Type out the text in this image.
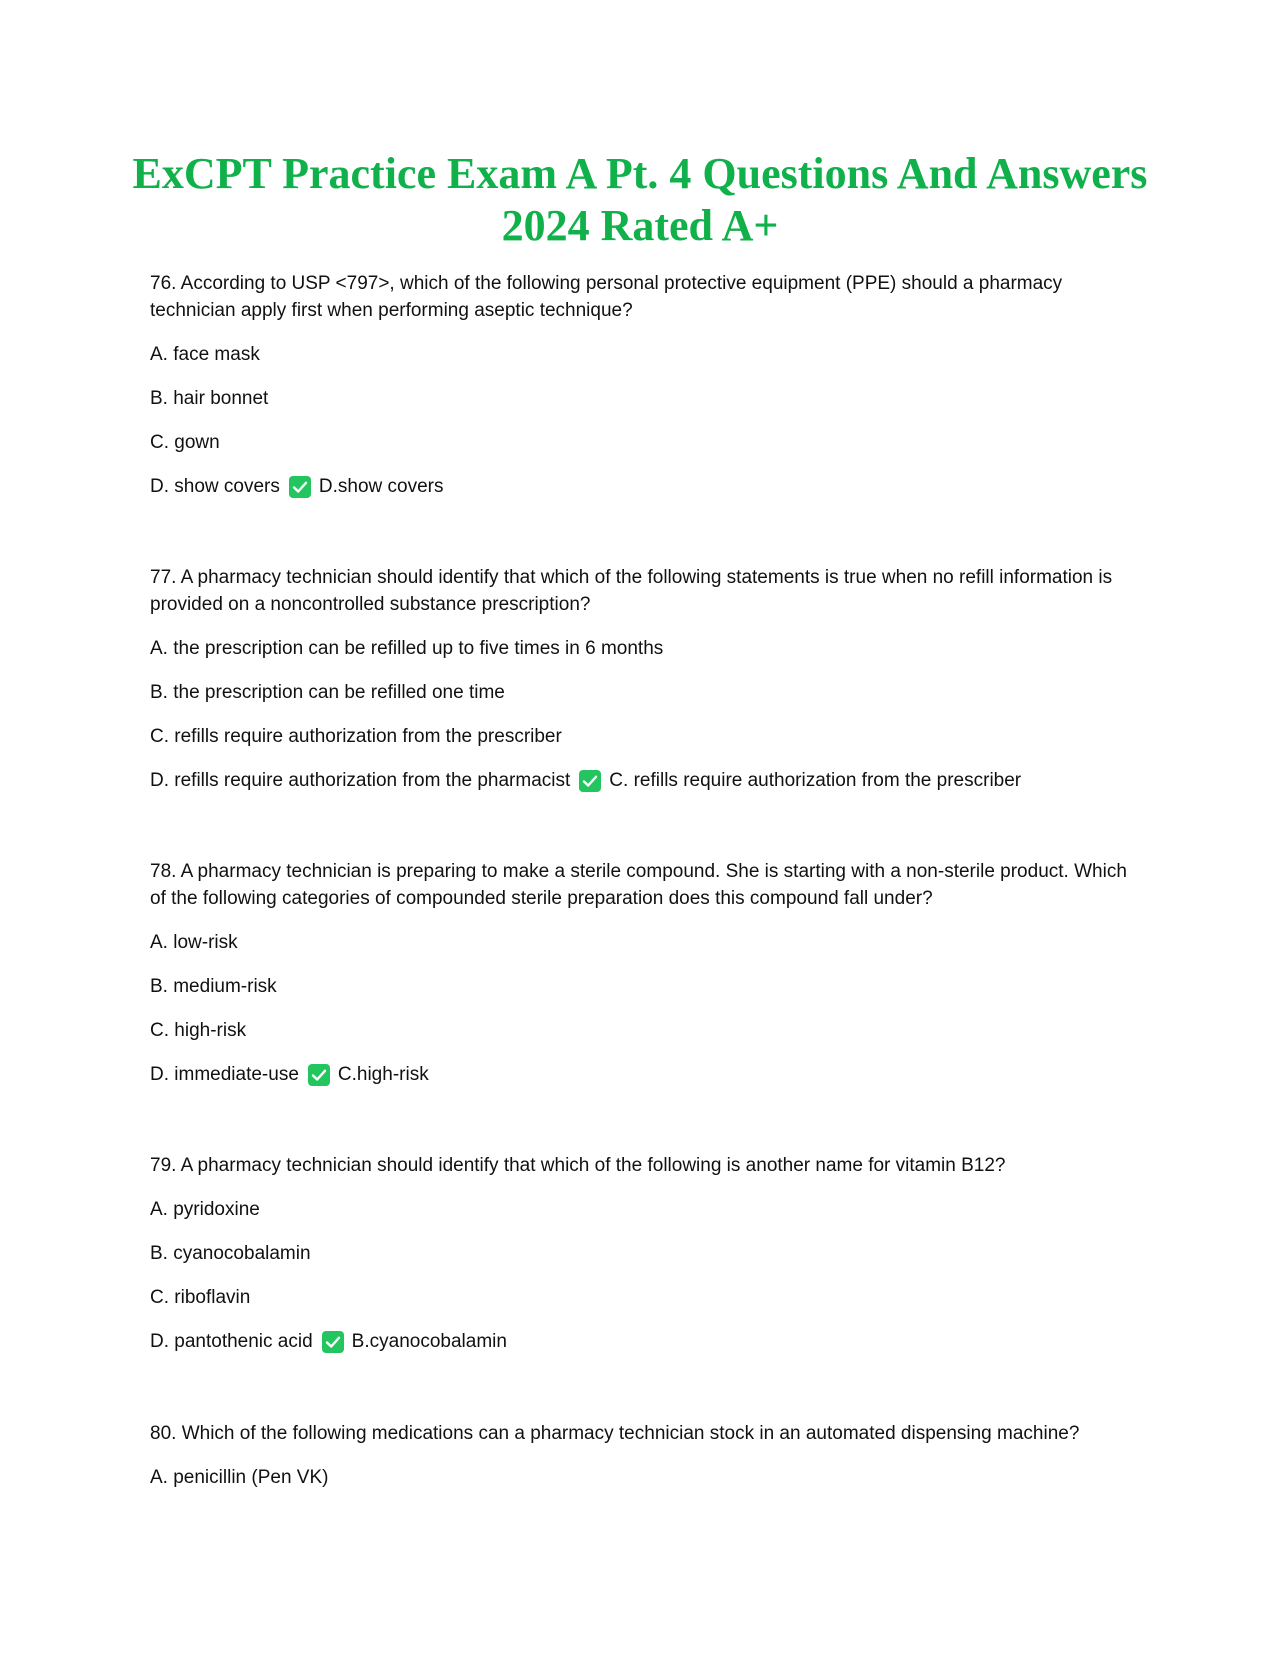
ExCPT Practice Exam A Pt. 4 Questions And Answers
2024 Rated A+

76. According to USP <797>, which of the following personal protective equipment (PPE) should a pharmacy technician apply first when performing aseptic technique?

A. face mask

B. hair bonnet

C. gown

D. show covers D.show covers

77. A pharmacy technician should identify that which of the following statements is true when no refill information is provided on a noncontrolled substance prescription?

A. the prescription can be refilled up to five times in 6 months

B. the prescription can be refilled one time

C. refills require authorization from the prescriber

D. refills require authorization from the pharmacist C. refills require authorization from the prescriber

78. A pharmacy technician is preparing to make a sterile compound. She is starting with a non-sterile product. Which of the following categories of compounded sterile preparation does this compound fall under?

A. low-risk

B. medium-risk

C. high-risk

D. immediate-use C.high-risk

79. A pharmacy technician should identify that which of the following is another name for vitamin B12?

A. pyridoxine

B. cyanocobalamin

C. riboflavin

D. pantothenic acid B.cyanocobalamin

80. Which of the following medications can a pharmacy technician stock in an automated dispensing machine?

A. penicillin (Pen VK)
